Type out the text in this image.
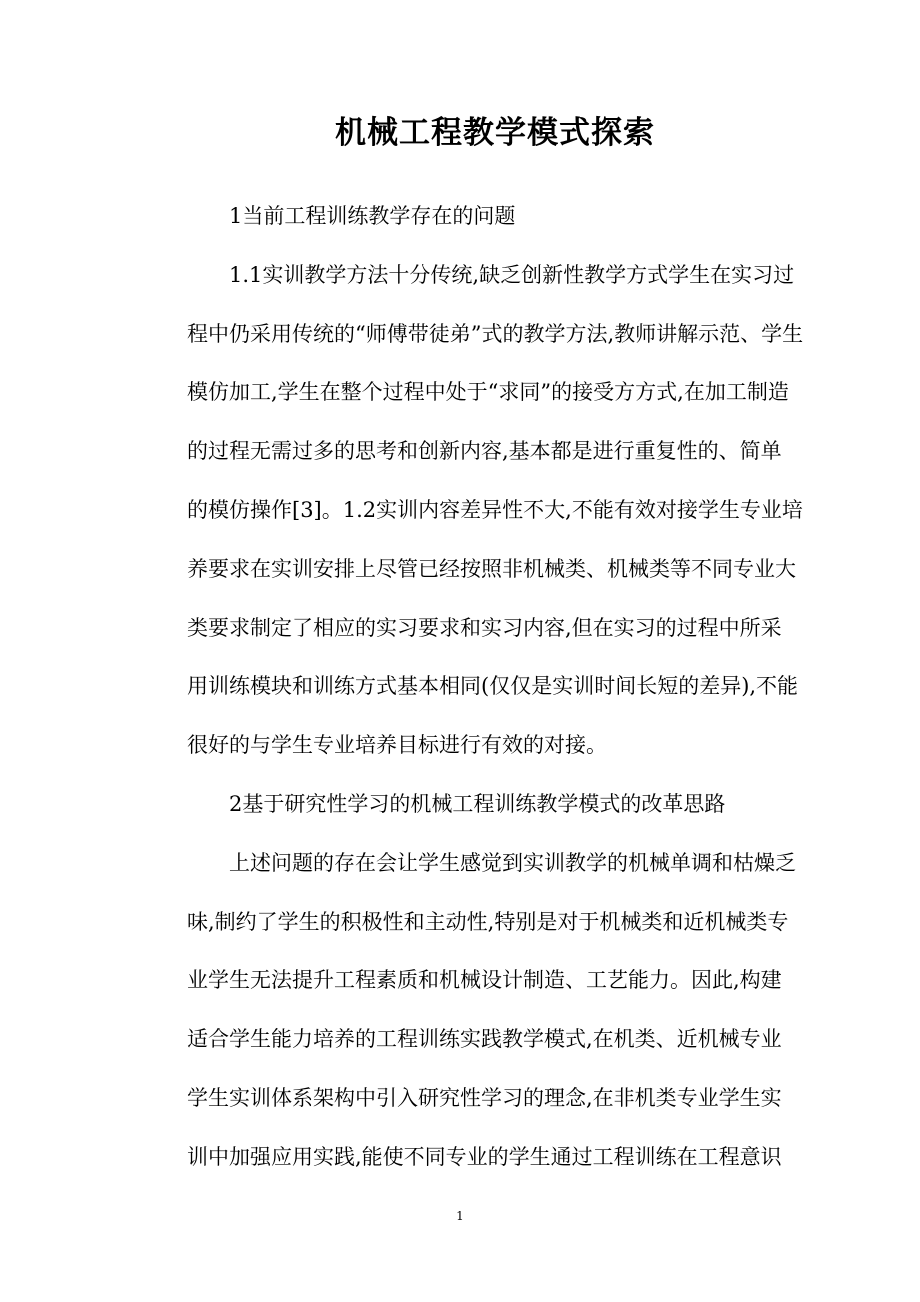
机械工程教学模式探索
1当前工程训练教学存在的问题
1.1实训教学方法十分传统,缺乏创新性教学方式学生在实习过
程中仍采用传统的“师傅带徒弟”式的教学方法,教师讲解示范、学生
模仿加工,学生在整个过程中处于“求同”的接受方方式,在加工制造
的过程无需过多的思考和创新内容,基本都是进行重复性的、简单
的模仿操作[3]。1.2实训内容差异性不大,不能有效对接学生专业培
养要求在实训安排上尽管已经按照非机械类、机械类等不同专业大
类要求制定了相应的实习要求和实习内容,但在实习的过程中所采
用训练模块和训练方式基本相同(仅仅是实训时间长短的差异),不能
很好的与学生专业培养目标进行有效的对接。
2基于研究性学习的机械工程训练教学模式的改革思路
上述问题的存在会让学生感觉到实训教学的机械单调和枯燥乏
味,制约了学生的积极性和主动性,特别是对于机械类和近机械类专
业学生无法提升工程素质和机械设计制造、工艺能力。因此,构建
适合学生能力培养的工程训练实践教学模式,在机类、近机械专业
学生实训体系架构中引入研究性学习的理念,在非机类专业学生实
训中加强应用实践,能使不同专业的学生通过工程训练在工程意识
1
